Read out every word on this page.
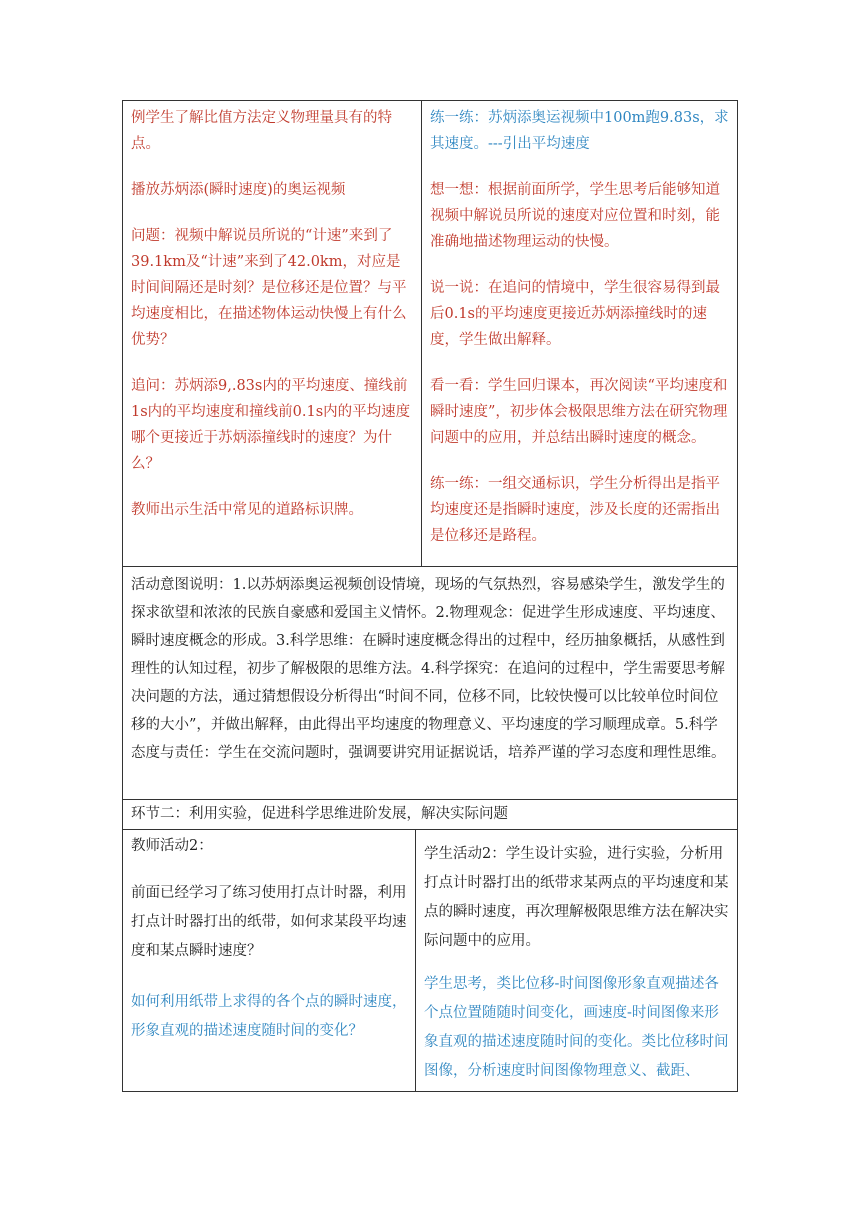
例学生了解比值方法定义物理量具有的特点。

播放苏炳添(瞬时速度)的奥运视频

问题：视频中解说员所说的“计速”来到了39.1km及“计速”来到了42.0km，对应是时间间隔还是时刻？是位移还是位置？与平均速度相比，在描述物体运动快慢上有什么优势？

追问：苏炳添9,.83s内的平均速度、撞线前1s内的平均速度和撞线前0.1s内的平均速度哪个更接近于苏炳添撞线时的速度？为什么？

教师出示生活中常见的道路标识牌。

练一练：苏炳添奥运视频中100m跑9.83s，求其速度。---引出平均速度

想一想：根据前面所学，学生思考后能够知道视频中解说员所说的速度对应位置和时刻，能准确地描述物理运动的快慢。

说一说：在追问的情境中，学生很容易得到最后0.1s的平均速度更接近苏炳添撞线时的速度，学生做出解释。

看一看：学生回归课本，再次阅读“平均速度和瞬时速度”，初步体会极限思维方法在研究物理问题中的应用，并总结出瞬时速度的概念。

练一练：一组交通标识，学生分析得出是指平均速度还是指瞬时速度，涉及长度的还需指出是位移还是路程。

活动意图说明：1.以苏炳添奥运视频创设情境，现场的气氛热烈，容易感染学生，激发学生的探求欲望和浓浓的民族自豪感和爱国主义情怀。2.物理观念：促进学生形成速度、平均速度、瞬时速度概念的形成。3.科学思维：在瞬时速度概念得出的过程中，经历抽象概括，从感性到理性的认知过程，初步了解极限的思维方法。4.科学探究：在追问的过程中，学生需要思考解决问题的方法，通过猜想假设分析得出“时间不同，位移不同，比较快慢可以比较单位时间位移的大小”，并做出解释，由此得出平均速度的物理意义、平均速度的学习顺理成章。5.科学态度与责任：学生在交流问题时，强调要讲究用证据说话，培养严谨的学习态度和理性思维。

环节二：利用实验，促进科学思维进阶发展，解决实际问题

教师活动2：

前面已经学习了练习使用打点计时器，利用打点计时器打出的纸带，如何求某段平均速度和某点瞬时速度？

如何利用纸带上求得的各个点的瞬时速度，形象直观的描述速度随时间的变化？

学生活动2：学生设计实验，进行实验，分析用打点计时器打出的纸带求某两点的平均速度和某点的瞬时速度，再次理解极限思维方法在解决实际问题中的应用。

学生思考，类比位移-时间图像形象直观描述各个点位置随随时间变化，画速度-时间图像来形象直观的描述速度随时间的变化。类比位移时间图像，分析速度时间图像物理意义、截距、
